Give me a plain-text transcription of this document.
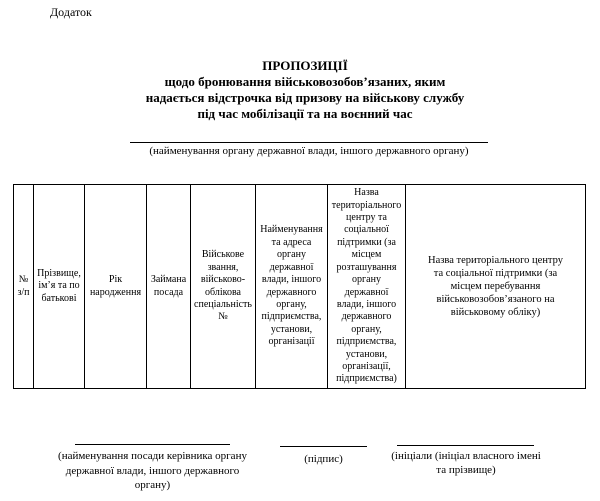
Додаток
ПРОПОЗИЦІЇ
щодо бронювання військовозобов’язаних, яким
надається відстрочка від призову на військову службу
під час мобілізації та на воєнний час
(найменування органу державної влади, іншого державного органу)
№ з/п	Прізвище, ім’я та по батькові	Рік народження	Займана посада	Військове звання, військово-облікова спеціальність №	Найменування та адреса органу державної влади, іншого державного органу, підприємства, установи, організації	Назва територіального центру та соціальної підтримки (за місцем розташування органу державної влади, іншого державного органу, підприємства, установи, організації, підприємства)	Назва територіального центру та соціальної підтримки (за місцем перебування військовозобов’язаного на військовому обліку)
(найменування посади керівника органу
державної влади, іншого державного
органу)
(підпис)	(ініціали (ініціал власного імені
та прізвище)
